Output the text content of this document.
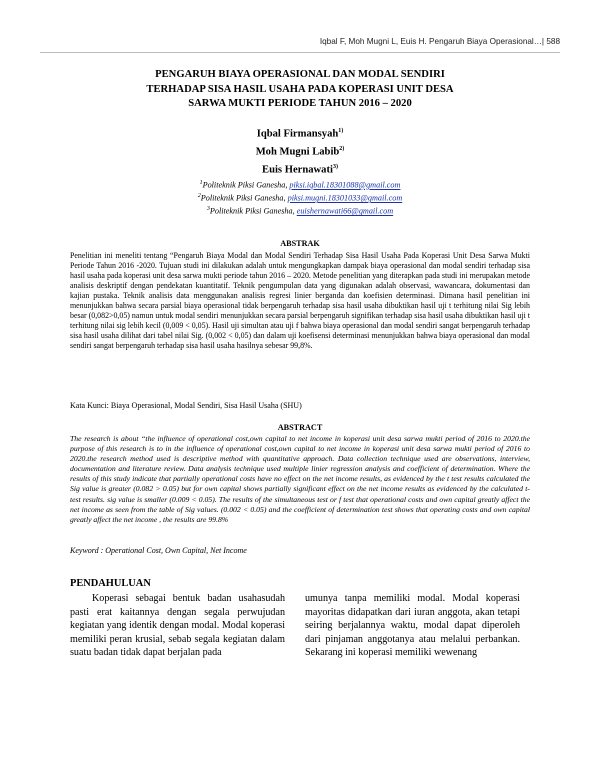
Iqbal F, Moh Mugni L, Euis H. Pengaruh Biaya Operasional…| 588
PENGARUH BIAYA OPERASIONAL DAN MODAL SENDIRI
TERHADAP SISA HASIL USAHA PADA KOPERASI UNIT DESA
SARWA MUKTI PERIODE TAHUN 2016 – 2020
Iqbal Firmansyah$^{1)}$
Moh Mugni Labib$^{2)}$
Euis Hernawati$^{3)}$
$^1$Politeknik Piksi Ganesha, piksi.iqbal.18301088@gmail.com
$^2$Politeknik Piksi Ganesha, piksi.mugni.18301033@gmail.com
$^3$Politeknik Piksi Ganesha, euishernawati66@gmail.com
ABSTRAK
Penelitian ini meneliti tentang “Pengaruh Biaya Modal dan Modal Sendiri Terhadap Sisa Hasil Usaha Pada Koperasi Unit Desa Sarwa Mukti Periode Tahun 2016 -2020. Tujuan studi ini dilakukan adalah untuk mengungkapkan dampak biaya operasional dan modal sendiri terhadap sisa hasil usaha pada koperasi unit desa sarwa mukti periode tahun 2016 – 2020. Metode penelitian yang diterapkan pada studi ini merupakan metode analisis deskriptif dengan pendekatan kuantitatif. Teknik pengumpulan data yang digunakan adalah observasi, wawancara, dokumentasi dan kajian pustaka. Teknik analisis data menggunakan analisis regresi linier berganda dan koefisien determinasi. Dimana hasil penelitian ini menunjukkan bahwa secara parsial biaya operasional tidak berpengaruh terhadap sisa hasil usaha dibuktikan hasil uji t terhitung nilai Sig lebih besar (0,082>0,05) namun untuk modal sendiri menunjukkan secara parsial berpengaruh signifikan terhadap sisa hasil usaha dibuktikan hasil uji t terhitung nilai sig lebih kecil (0,009 < 0,05). Hasil uji simultan atau uji f bahwa biaya operasional dan modal sendiri sangat berpengaruh terhadap sisa hasil usaha dilihat dari tabel nilai Sig. (0,002 < 0,05) dan dalam uji koefisensi determinasi menunjukkan bahwa biaya operasional dan modal sendiri sangat berpengaruh terhadap sisa hasil usaha hasilnya sebesar 99,8%.
Kata Kunci: Biaya Operasional, Modal Sendiri, Sisa Hasil Usaha (SHU)
ABSTRACT
The research is about “the influence of operational cost,own capital to net income in koperasi unit desa sarwa mukti period of 2016 to 2020.the purpose of this research is to in the influence of operational cost,own capital to net income in koperasi unit desa sarwa mukti period of 2016 to 2020.the research method used is descriptive method with quantitative approach. Data collection technique used are observations, interview, documentation and literature review. Data analysis technique used multiple linier regression analysis and coefficient of determination. Where the results of this study indicate that partially operational costs have no effect on the net income results, as evidenced by the t test results calculated the Sig value is greater (0.082 > 0.05) but for own capital shows partially significant effect on the net income results as evidenced by the calculated t-test results. sig value is smaller (0.009 < 0.05). The results of the simultaneous test or f test that operational costs and own capital greatly affect the net income as seen from the table of Sig values. (0.002 < 0.05) and the coefficient of determination test shows that operating costs and own capital greatly affect the net income , the results are 99.8%
Keyword : Operational Cost, Own Capital, Net Income
PENDAHULUAN
Koperasi sebagai bentuk badan usahasudah pasti erat kaitannya dengan segala perwujudan kegiatan yang identik dengan modal. Modal koperasi memiliki peran krusial, sebab segala kegiatan dalam suatu badan tidak dapat berjalan pada
umunya tanpa memiliki modal. Modal koperasi mayoritas didapatkan dari iuran anggota, akan tetapi seiring berjalannya waktu, modal dapat diperoleh dari pinjaman anggotanya atau melalui perbankan. Sekarang ini koperasi memiliki wewenang
